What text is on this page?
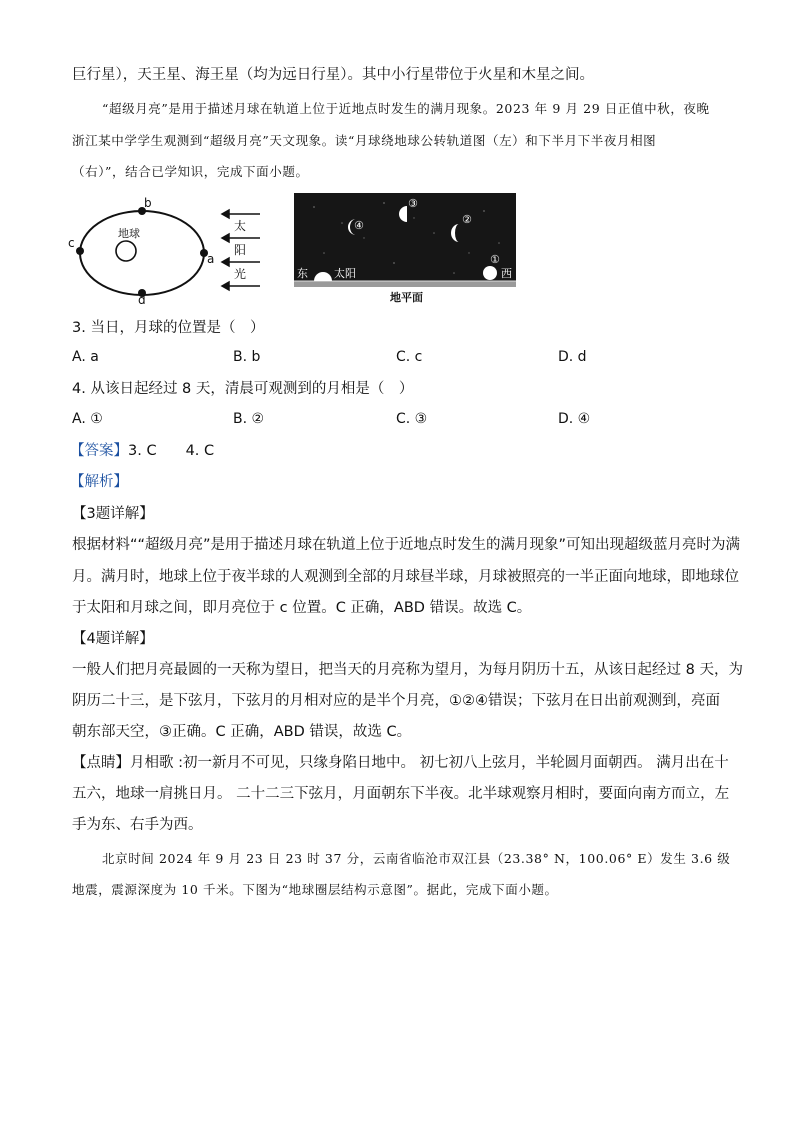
巨行星），天王星、海王星（均为远日行星）。其中小行星带位于火星和木星之间。
“超级月亮”是用于描述月球在轨道上位于近地点时发生的满月现象。2023 年 9 月 29 日正值中秋，夜晚
浙江某中学学生观测到“超级月亮”天文现象。读“月球绕地球公转轨道图（左）和下半月下半夜月相图
（右）”，结合已学知识，完成下面小题。
地球
b
c
a
d
太
阳
光	太阳
东	西
④
③
②
①
地平面
3. 当日，月球的位置是（　）
A. a	B. b	C. c	D. d
4. 从该日起经过 8 天，清晨可观测到的月相是（　）
A. ①	B. ②	C. ③	D. ④
【答案】3. C　　4. C
【解析】
【3题详解】
根据材料““超级月亮”是用于描述月球在轨道上位于近地点时发生的满月现象”可知出现超级蓝月亮时为满
月。满月时，地球上位于夜半球的人观测到全部的月球昼半球，月球被照亮的一半正面向地球，即地球位
于太阳和月球之间，即月亮位于 c 位置。C 正确，ABD 错误。故选 C。
【4题详解】
一般人们把月亮最圆的一天称为望日，把当天的月亮称为望月，为每月阴历十五，从该日起经过 8 天，为
阴历二十三，是下弦月，下弦月的月相对应的是半个月亮，①②④错误；下弦月在日出前观测到，亮面
朝东部天空，③正确。C 正确，ABD 错误，故选 C。
【点睛】月相歌 :初一新月不可见，只缘身陷日地中。 初七初八上弦月，半轮圆月面朝西。 满月出在十
五六，地球一肩挑日月。 二十二三下弦月，月面朝东下半夜。北半球观察月相时，要面向南方而立，左
手为东、右手为西。
北京时间 2024 年 9 月 23 日 23 时 37 分，云南省临沧市双江县（23.38° N，100.06° E）发生 3.6 级
地震，震源深度为 10 千米。下图为“地球圈层结构示意图”。据此，完成下面小题。
